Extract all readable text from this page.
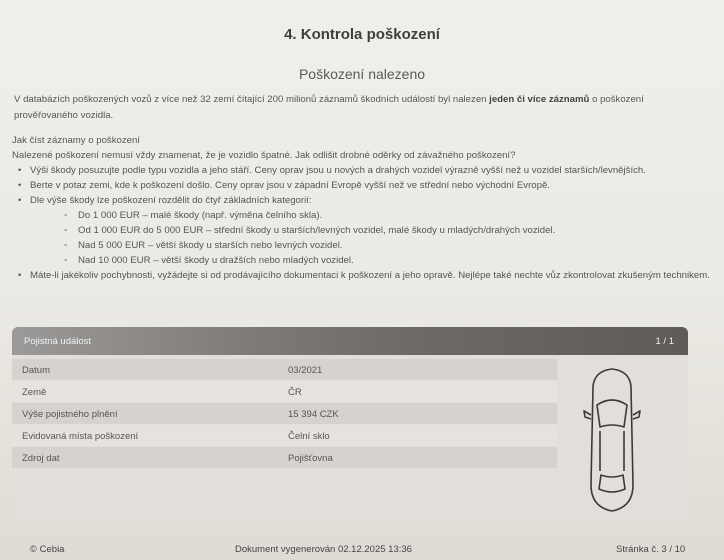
4. Kontrola poškození
Poškození nalezeno
V databázích poškozených vozů z více než 32 zemí čítající 200 milionů záznamů škodních událostí byl nalezen jeden či více záznamů o poškození prověřovaného vozidla.

Jak číst záznamy o poškození

Nalezené poškození nemusí vždy znamenat, že je vozidlo špatné. Jak odlišit drobné oděrky od závažného poškození?

• Výši škody posuzujte podle typu vozidla a jeho stáří. Ceny oprav jsou u nových a drahých vozidel výrazně vyšší než u vozidel starších/levnějších.
• Berte v potaz zemi, kde k poškození došlo. Ceny oprav jsou v západní Evropě vyšší než ve střední nebo východní Evropě.
• Dle výše škody lze poškození rozdělit do čtyř základních kategorií:
◦ Do 1 000 EUR – malé škody (např. výměna čelního skla).
◦ Od 1 000 EUR do 5 000 EUR – střední škody u starších/levných vozidel, malé škody u mladých/drahých vozidel.
◦ Nad 5 000 EUR – větší škody u starších nebo levných vozidel.
◦ Nad 10 000 EUR – větší škody u dražších nebo mladých vozidel.
• Máte-li jakékoliv pochybnosti, vyžádejte si od prodávajícího dokumentaci k poškození a jeho opravě. Nejlépe také nechte vůz zkontrolovat zkušeným technikem.
Pojistná událost	1 / 1
Datum	03/2021
Země	ČR
Výše pojistného plnění	15 394 CZK
Evidovaná místa poškození	Čelní sklo
Zdroj dat	Pojišťovna
© Cebia	Dokument vygenerován 02.12.2025 13:36	Stránka č. 3 / 10
